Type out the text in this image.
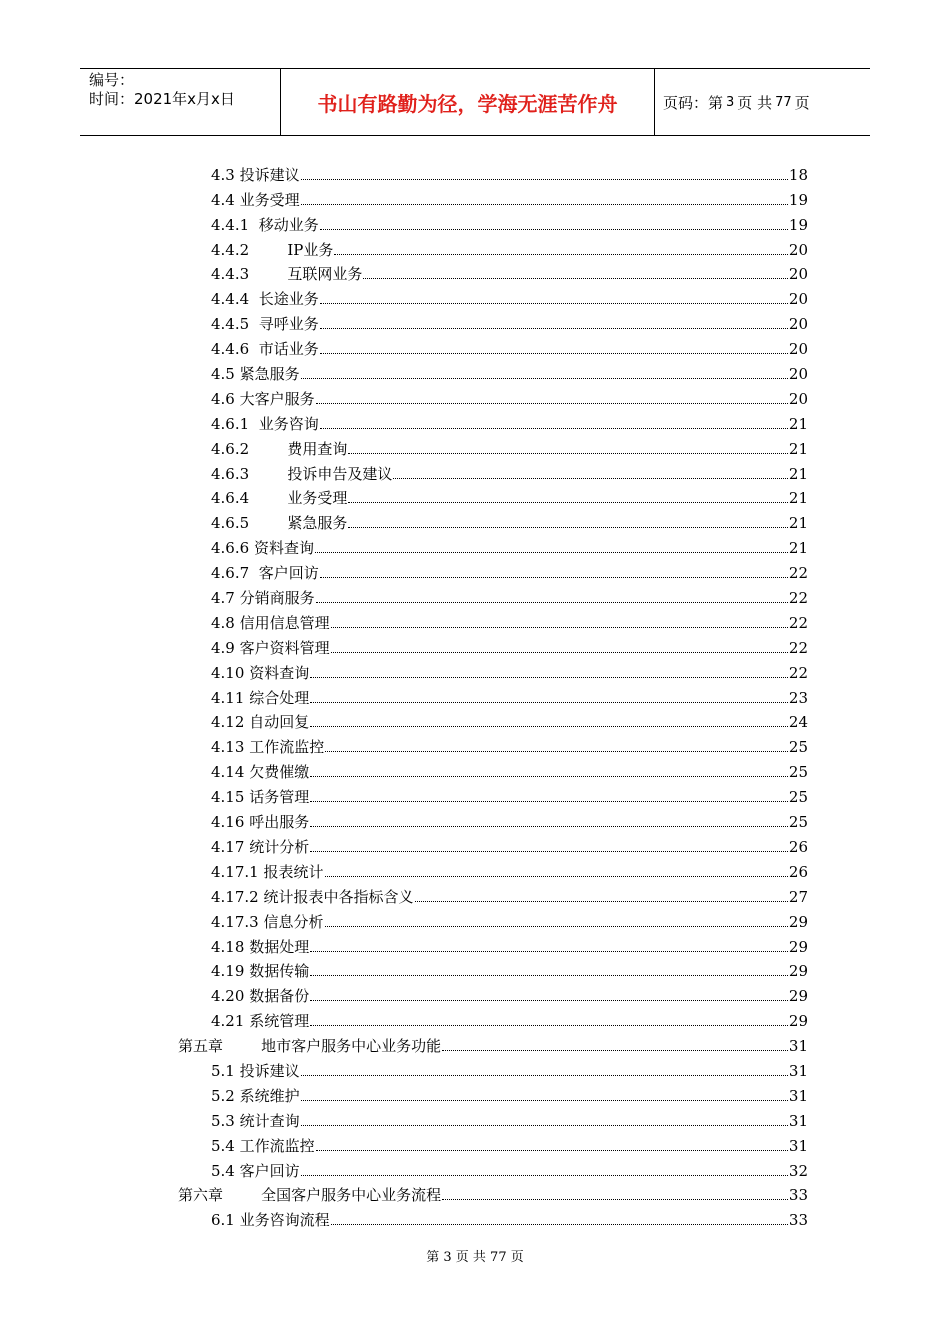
编号：
时间：2021年x月x日	书山有路勤为径，学海无涯苦作舟	页码：第 3 页 共 77 页
4.3 投诉建议	18
4.4 业务受理	19
4.4.1 移动业务	19
4.4.2	IP业务	20
4.4.3	互联网业务	20
4.4.4 长途业务	20
4.4.5 寻呼业务	20
4.4.6 市话业务	20
4.5 紧急服务	20
4.6 大客户服务	20
4.6.1 业务咨询	21
4.6.2	费用查询	21
4.6.3	投诉申告及建议	21
4.6.4	业务受理	21
4.6.5	紧急服务	21
4.6.6 资料查询	21
4.6.7 客户回访	22
4.7 分销商服务	22
4.8 信用信息管理	22
4.9 客户资料管理	22
4.10 资料查询	22
4.11 综合处理	23
4.12 自动回复	24
4.13 工作流监控	25
4.14 欠费催缴	25
4.15 话务管理	25
4.16 呼出服务	25
4.17 统计分析	26
4.17.1 报表统计	26
4.17.2 统计报表中各指标含义	27
4.17.3 信息分析	29
4.18 数据处理	29
4.19 数据传输	29
4.20 数据备份	29
4.21 系统管理	29
第五章	地市客户服务中心业务功能	31
5.1 投诉建议	31
5.2 系统维护	31
5.3 统计查询	31
5.4 工作流监控	31
5.4 客户回访	32
第六章	全国客户服务中心业务流程	33
6.1 业务咨询流程	33
第 3 页 共 77 页
